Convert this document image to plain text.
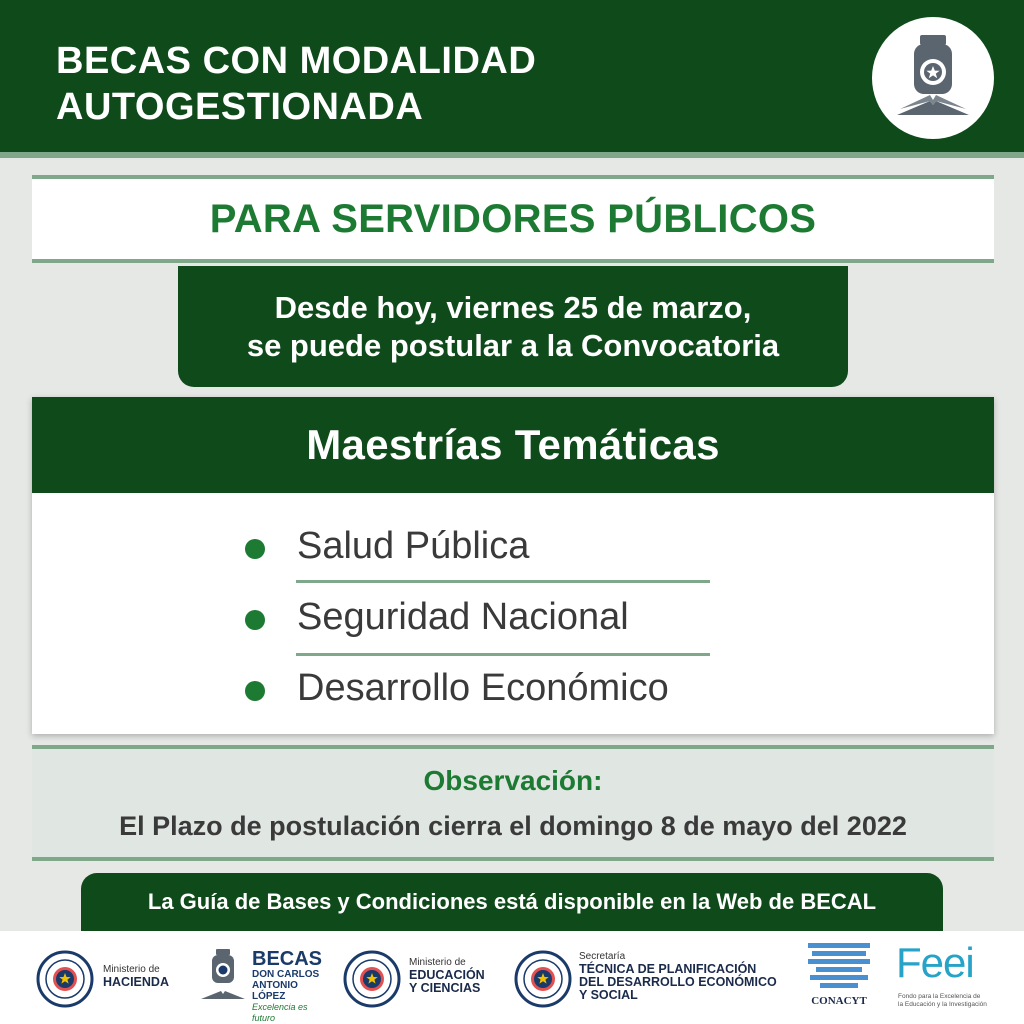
BECAS CON MODALIDAD
AUTOGESTIONADA
PARA SERVIDORES PÚBLICOS
Desde hoy, viernes 25 de marzo,
se puede postular a la Convocatoria
Maestrías Temáticas
Salud Pública
Seguridad Nacional
Desarrollo Económico
Observación:
El Plazo de postulación cierra el domingo 8 de mayo del 2022
La Guía de Bases y Condiciones está disponible en la Web de BECAL
Ministerio de
HACIENDA
BECAS
DON CARLOS
ANTONIO LÓPEZ
Excelencia es futuro
Ministerio de
EDUCACIÓN
Y CIENCIAS
Secretaría
TÉCNICA DE PLANIFICACIÓN
DEL DESARROLLO ECONÓMICO
Y SOCIAL	CONACYT
Feei
Fondo para la Excelencia de
la Educación y la Investigación
